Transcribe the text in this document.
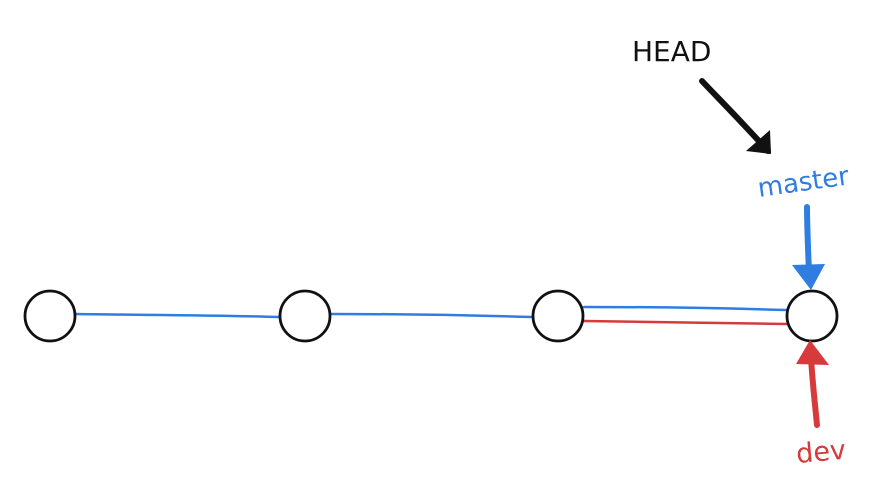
HEAD
master
dev
